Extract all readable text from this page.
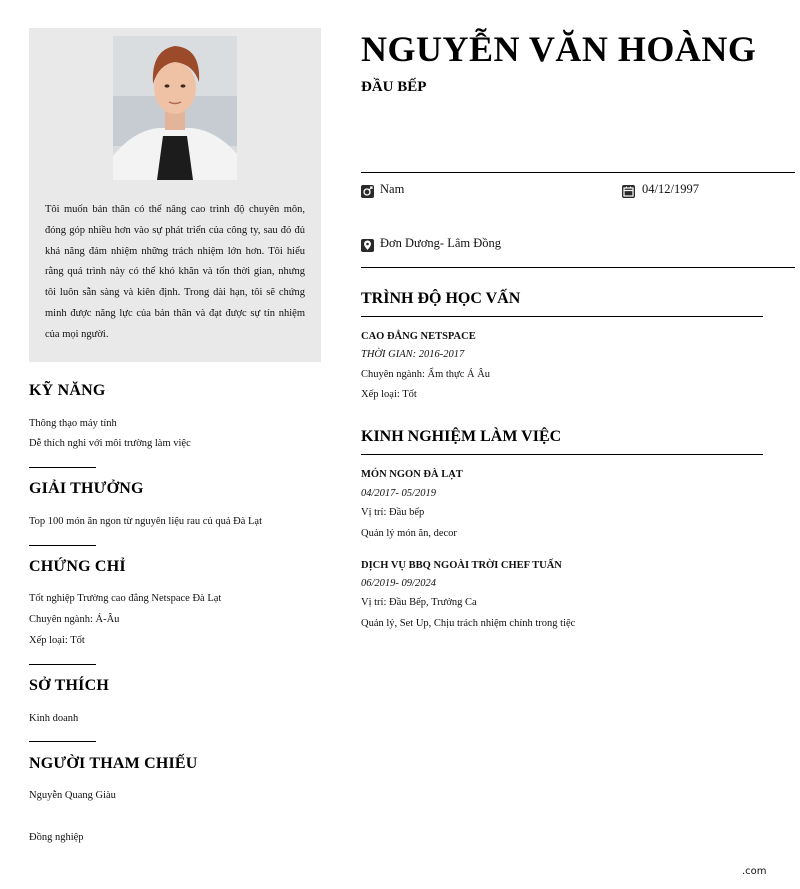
Tôi muốn bản thân có thể nâng cao trình độ chuyên môn, đóng góp nhiều hơn vào sự phát triển của công ty, sau đó đủ khả năng đảm nhiệm những trách nhiệm lớn hơn. Tôi hiểu rằng quá trình này có thể khó khăn và tốn thời gian, nhưng tôi luôn sẵn sàng và kiên định. Trong dài hạn, tôi sẽ chứng minh được năng lực của bản thân và đạt được sự tín nhiệm của mọi người.
KỸ NĂNG
Thông thạo máy tính
Dễ thích nghi với môi trường làm việc
GIẢI THƯỞNG
Top 100 món ăn ngon từ nguyên liệu rau củ quả Đà Lạt
CHỨNG CHỈ
Tốt nghiệp Trường cao đẳng Netspace Đà Lạt
Chuyên ngành: Á-Âu
Xếp loại: Tốt
SỞ THÍCH
Kinh doanh
NGƯỜI THAM CHIẾU
Nguyễn Quang Giàu
Đồng nghiệp
NGUYỄN VĂN HOÀNG
ĐẦU BẾP
Nam	04/12/1997
Đơn Dương- Lâm Đồng
TRÌNH ĐỘ HỌC VẤN
CAO ĐẲNG NETSPACE
THỜI GIAN: 2016-2017
Chuyên ngành: Ẩm thực Á Âu
Xếp loại: Tốt
KINH NGHIỆM LÀM VIỆC
MÓN NGON ĐÀ LẠT
04/2017- 05/2019
Vị trí: Đầu bếp
Quản lý món ăn, decor
DỊCH VỤ BBQ NGOÀI TRỜI CHEF TUẤN
06/2019- 09/2024
Vị trí: Đầu Bếp, Trưởng Ca
Quản lý, Set Up, Chịu trách nhiệm chính trong tiệc
.com
